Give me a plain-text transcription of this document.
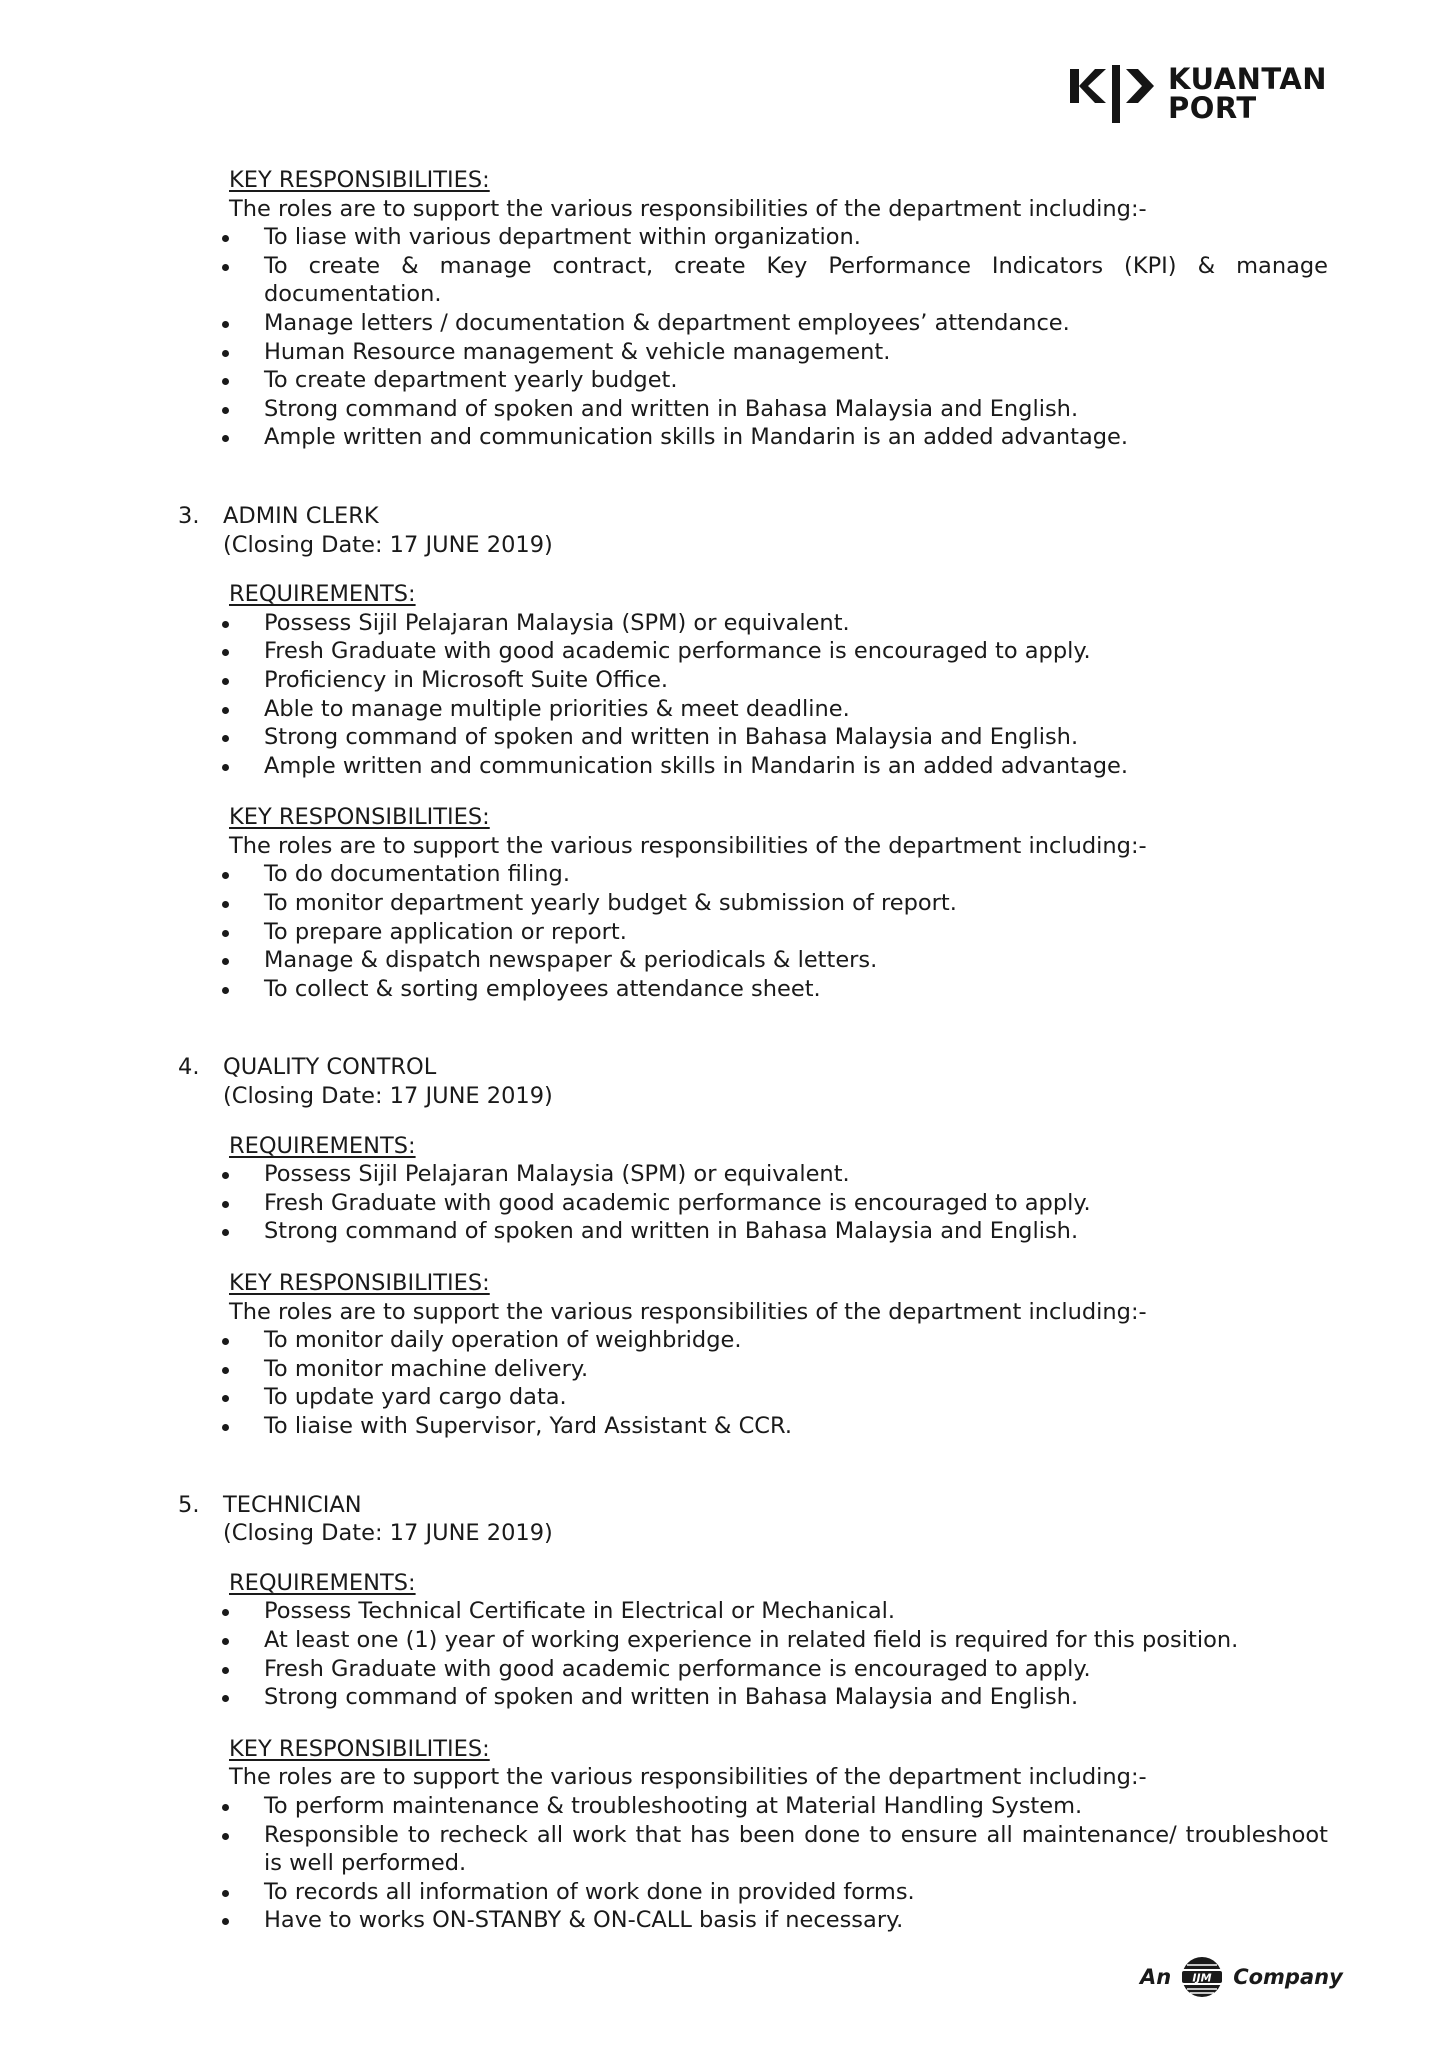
KUANTAN
PORT
KEY RESPONSIBILITIES:
The roles are to support the various responsibilities of the department including:-
To liase with various department within organization.
To create & manage contract, create Key Performance Indicators (KPI) & manage documentation.
Manage letters / documentation & department employees’ attendance.
Human Resource management & vehicle management.
To create department yearly budget.
Strong command of spoken and written in Bahasa Malaysia and English.
Ample written and communication skills in Mandarin is an added advantage.
3.	ADMIN CLERK
(Closing Date: 17 JUNE 2019)
REQUIREMENTS:
Possess Sijil Pelajaran Malaysia (SPM) or equivalent.
Fresh Graduate with good academic performance is encouraged to apply.
Proficiency in Microsoft Suite Office.
Able to manage multiple priorities & meet deadline.
Strong command of spoken and written in Bahasa Malaysia and English.
Ample written and communication skills in Mandarin is an added advantage.
KEY RESPONSIBILITIES:
The roles are to support the various responsibilities of the department including:-
To do documentation filing.
To monitor department yearly budget & submission of report.
To prepare application or report.
Manage & dispatch newspaper & periodicals & letters.
To collect & sorting employees attendance sheet.
4.	QUALITY CONTROL
(Closing Date: 17 JUNE 2019)
REQUIREMENTS:
Possess Sijil Pelajaran Malaysia (SPM) or equivalent.
Fresh Graduate with good academic performance is encouraged to apply.
Strong command of spoken and written in Bahasa Malaysia and English.
KEY RESPONSIBILITIES:
The roles are to support the various responsibilities of the department including:-
To monitor daily operation of weighbridge.
To monitor machine delivery.
To update yard cargo data.
To liaise with Supervisor, Yard Assistant & CCR.
5.	TECHNICIAN
(Closing Date: 17 JUNE 2019)
REQUIREMENTS:
Possess Technical Certificate in Electrical or Mechanical.
At least one (1) year of working experience in related field is required for this position.
Fresh Graduate with good academic performance is encouraged to apply.
Strong command of spoken and written in Bahasa Malaysia and English.
KEY RESPONSIBILITIES:
The roles are to support the various responsibilities of the department including:-
To perform maintenance & troubleshooting at Material Handling System.
Responsible to recheck all work that has been done to ensure all maintenance/ troubleshoot is well performed.
To records all information of work done in provided forms.
Have to works ON-STANBY & ON-CALL basis if necessary.
An IJM Company
